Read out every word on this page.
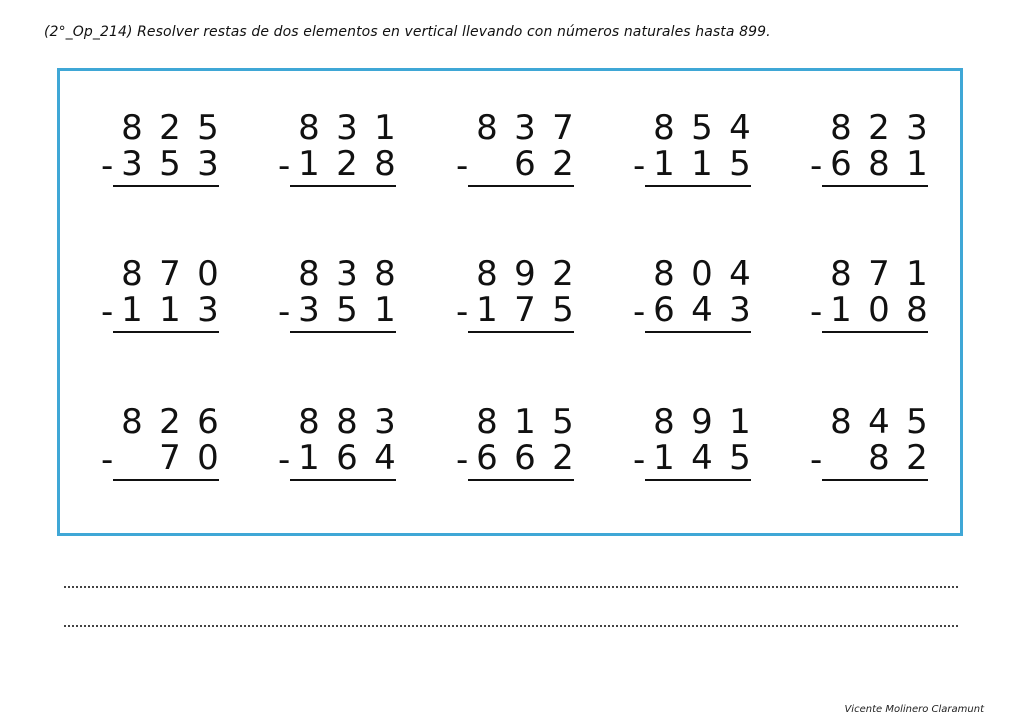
(2°_Op_214) Resolver restas de dos elementos en vertical llevando con números naturales hasta 899.
8 2 5
- 3 5 3
8 3 1
- 1 2 8
8 3 7
-
6 2
8 5 4
- 1 1 5
8 2 3
- 6 8 1
8 7 0
- 1 1 3
8 3 8
- 3 5 1
8 9 2
- 1 7 5
8 0 4
- 6 4 3
8 7 1
- 1 0 8
8 2 6
-
7 0
8 8 3
- 1 6 4
8 1 5
- 6 6 2
8 9 1
- 1 4 5
8 4 5
-
8 2
Vicente Molinero Claramunt
